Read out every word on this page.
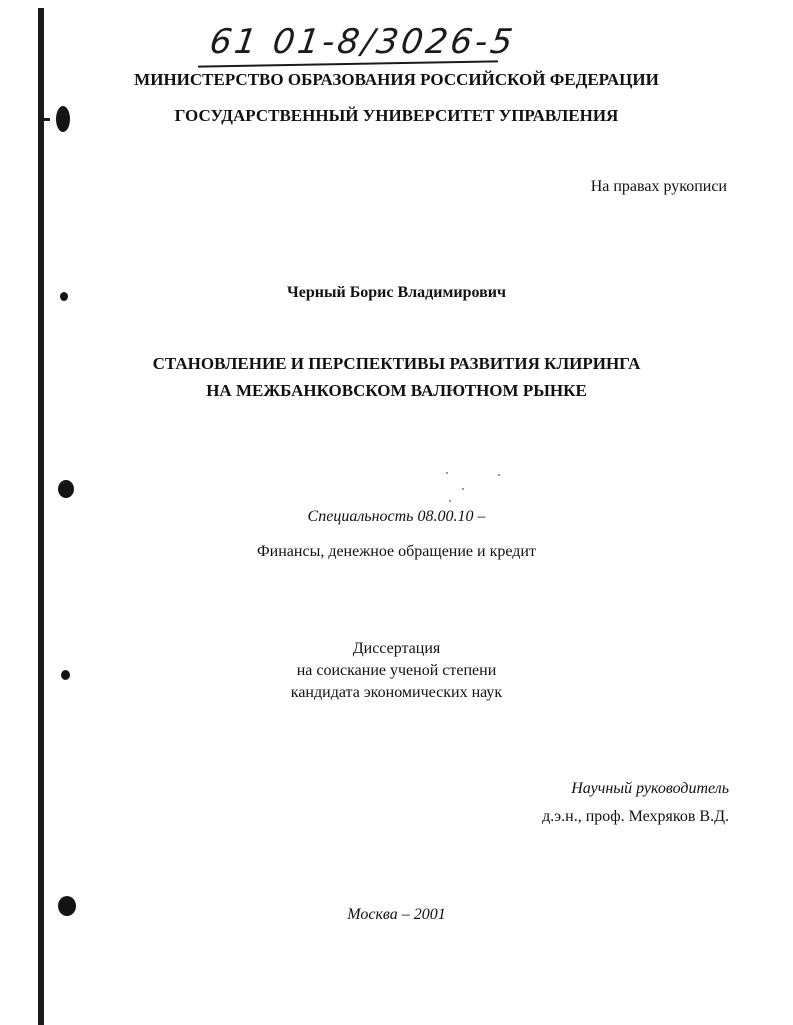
61 01-8/3026-5
МИНИСТЕРСТВО ОБРАЗОВАНИЯ РОССИЙСКОЙ ФЕДЕРАЦИИ
ГОСУДАРСТВЕННЫЙ УНИВЕРСИТЕТ УПРАВЛЕНИЯ
На правах рукописи
Черный Борис Владимирович
СТАНОВЛЕНИЕ И ПЕРСПЕКТИВЫ РАЗВИТИЯ КЛИРИНГА
НА МЕЖБАНКОВСКОМ ВАЛЮТНОМ РЫНКЕ
Специальность 08.00.10 –
Финансы, денежное обращение и кредит
Диссертация
на соискание ученой степени
кандидата экономических наук
Научный руководитель
д.э.н., проф. Мехряков В.Д.
Москва – 2001
